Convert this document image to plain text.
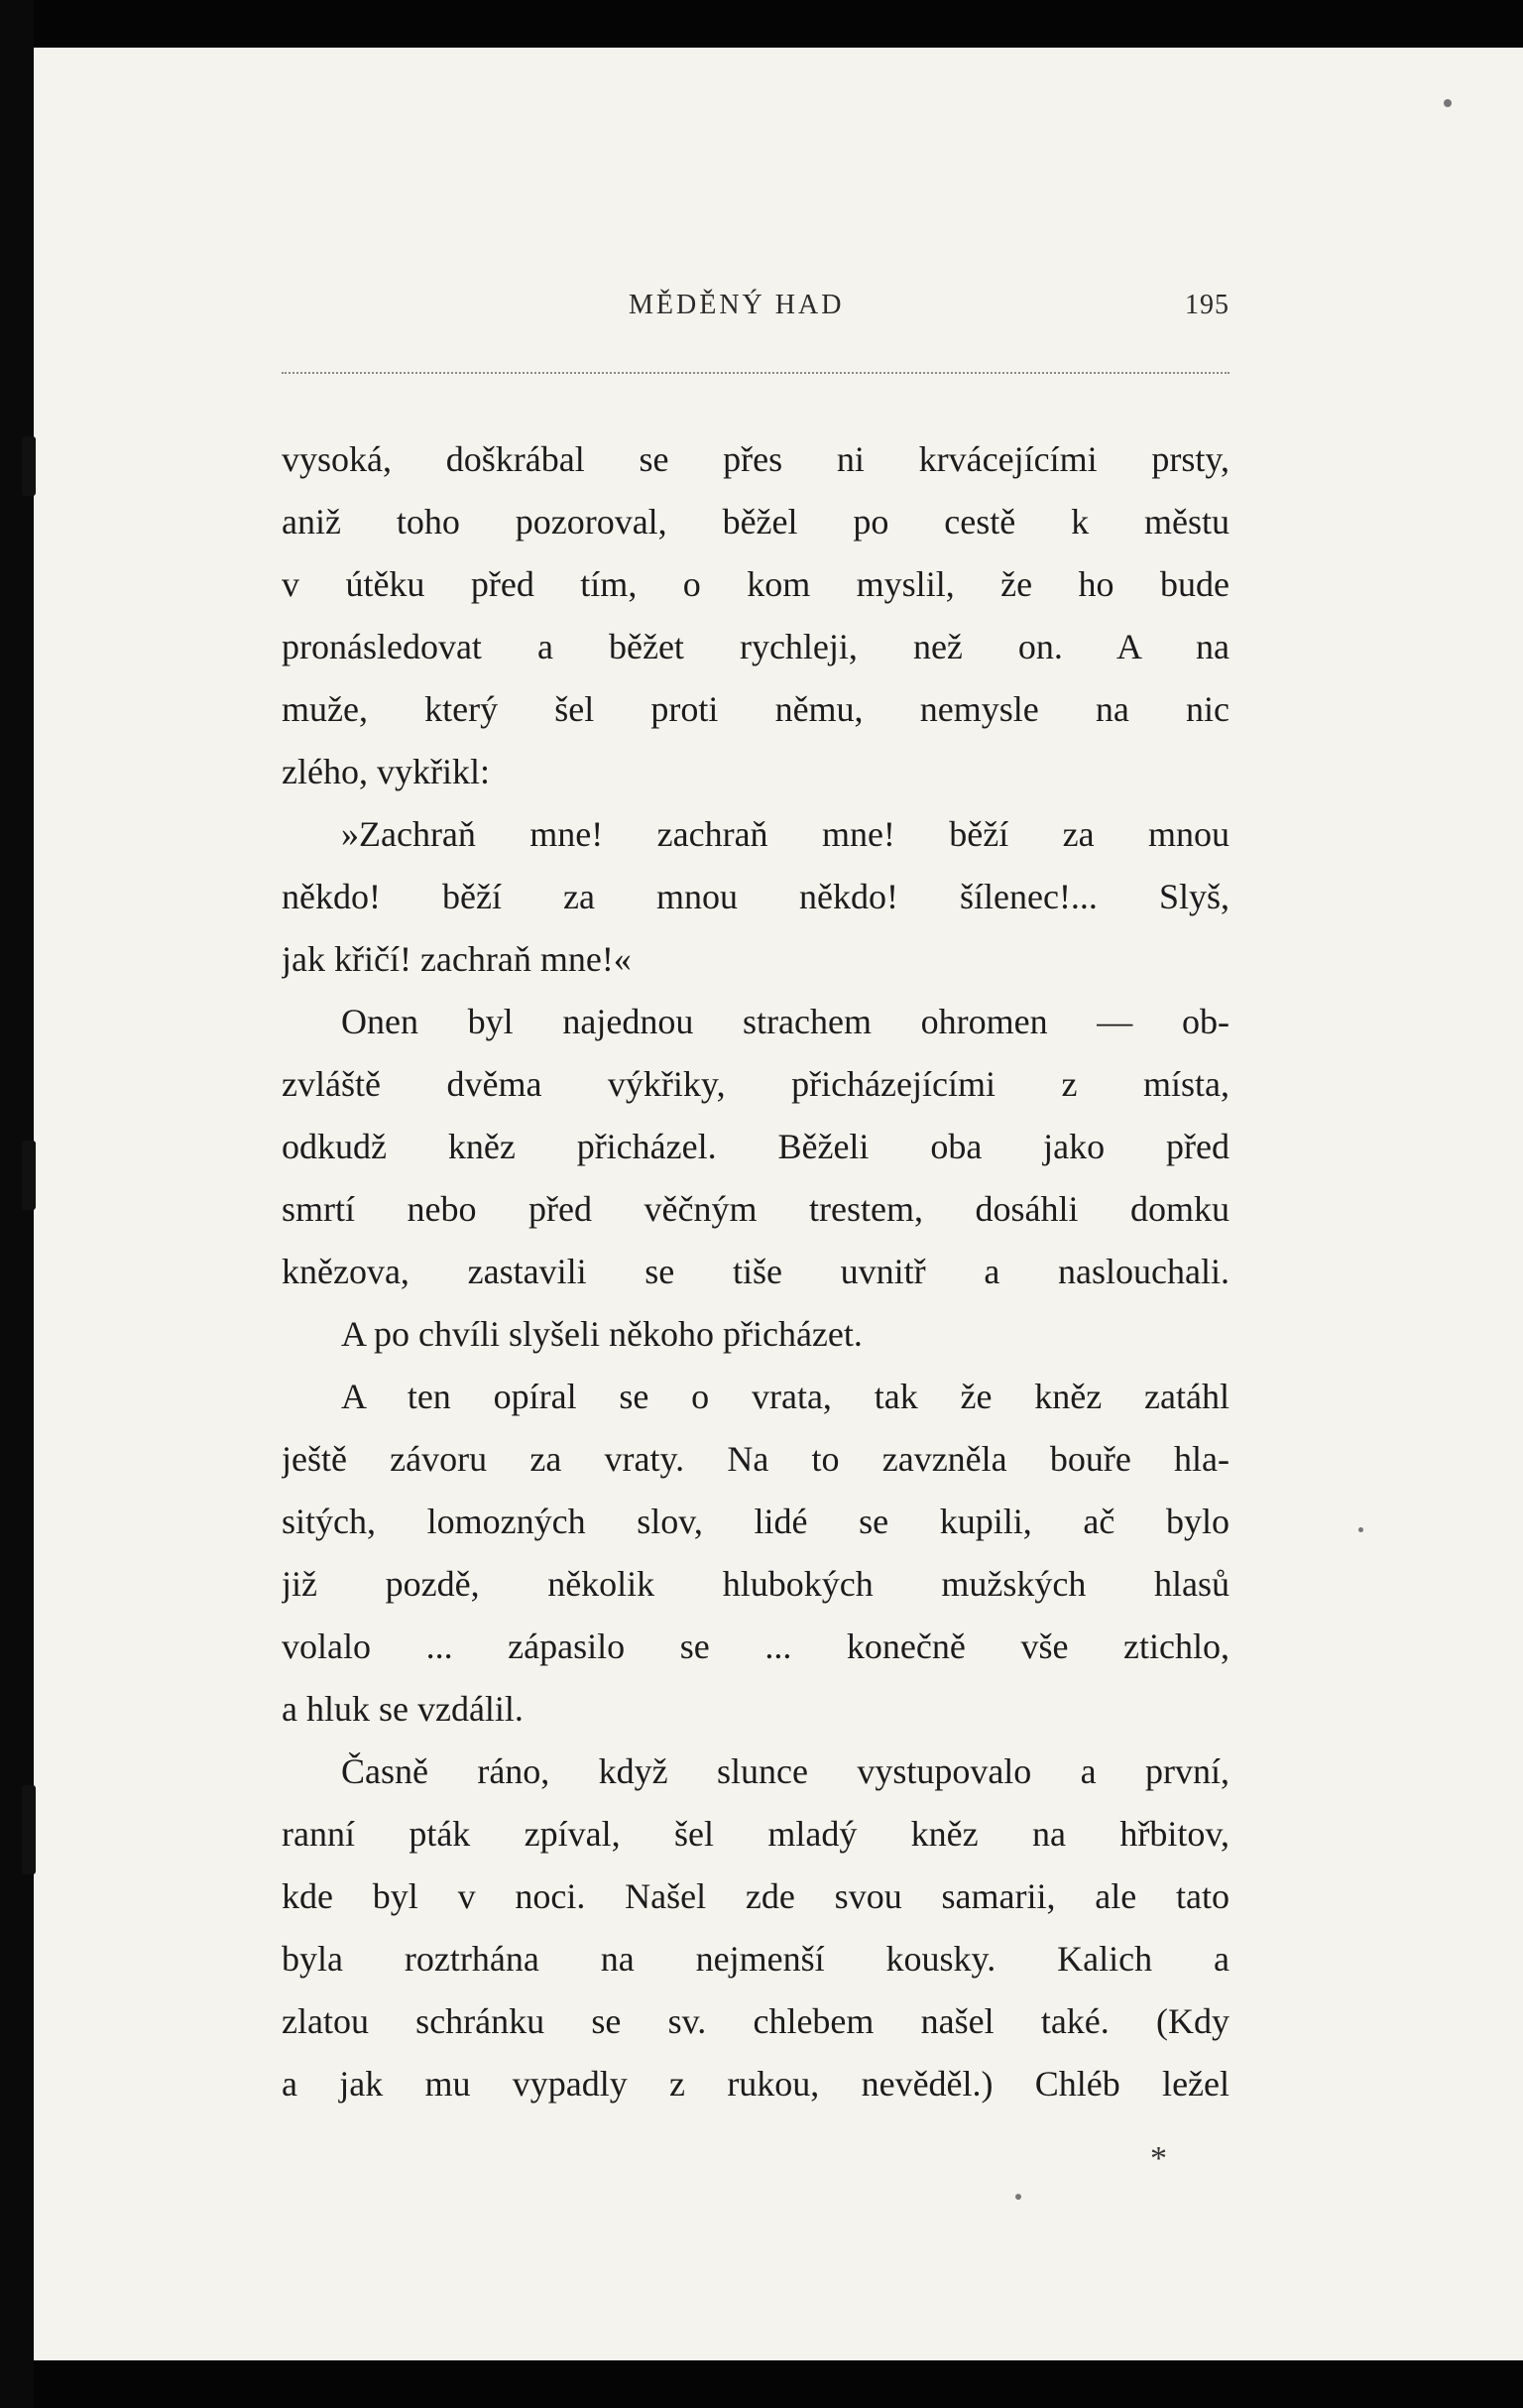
MĚDĚNÝ HAD	195
vysoká, doškrábal se přes ni krvácejícími prsty,
aniž toho pozoroval, běžel po cestě k městu
v útěku před tím, o kom myslil, že ho bude
pronásledovat a běžet rychleji, než on. A na
muže, který šel proti němu, nemysle na nic
zlého, vykřikl:
»Zachraň mne! zachraň mne! běží za mnou
někdo! běží za mnou někdo! šílenec!... Slyš,
jak křičí! zachraň mne!«
Onen byl najednou strachem ohromen — ob-
zvláště dvěma výkřiky, přicházejícími z místa,
odkudž kněz přicházel. Běželi oba jako před
smrtí nebo před věčným trestem, dosáhli domku
knězova, zastavili se tiše uvnitř a naslouchali.
A po chvíli slyšeli někoho přicházet.
A ten opíral se o vrata, tak že kněz zatáhl
ještě závoru za vraty. Na to zavzněla bouře hla-
sitých, lomozných slov, lidé se kupili, ač bylo
již pozdě, několik hlubokých mužských hlasů
volalo ... zápasilo se ... konečně vše ztichlo,
a hluk se vzdálil.
Časně ráno, když slunce vystupovalo a první,
ranní pták zpíval, šel mladý kněz na hřbitov,
kde byl v noci. Našel zde svou samarii, ale tato
byla roztrhána na nejmenší kousky. Kalich a
zlatou schránku se sv. chlebem našel také. (Kdy
a jak mu vypadly z rukou, nevěděl.) Chléb ležel
*
